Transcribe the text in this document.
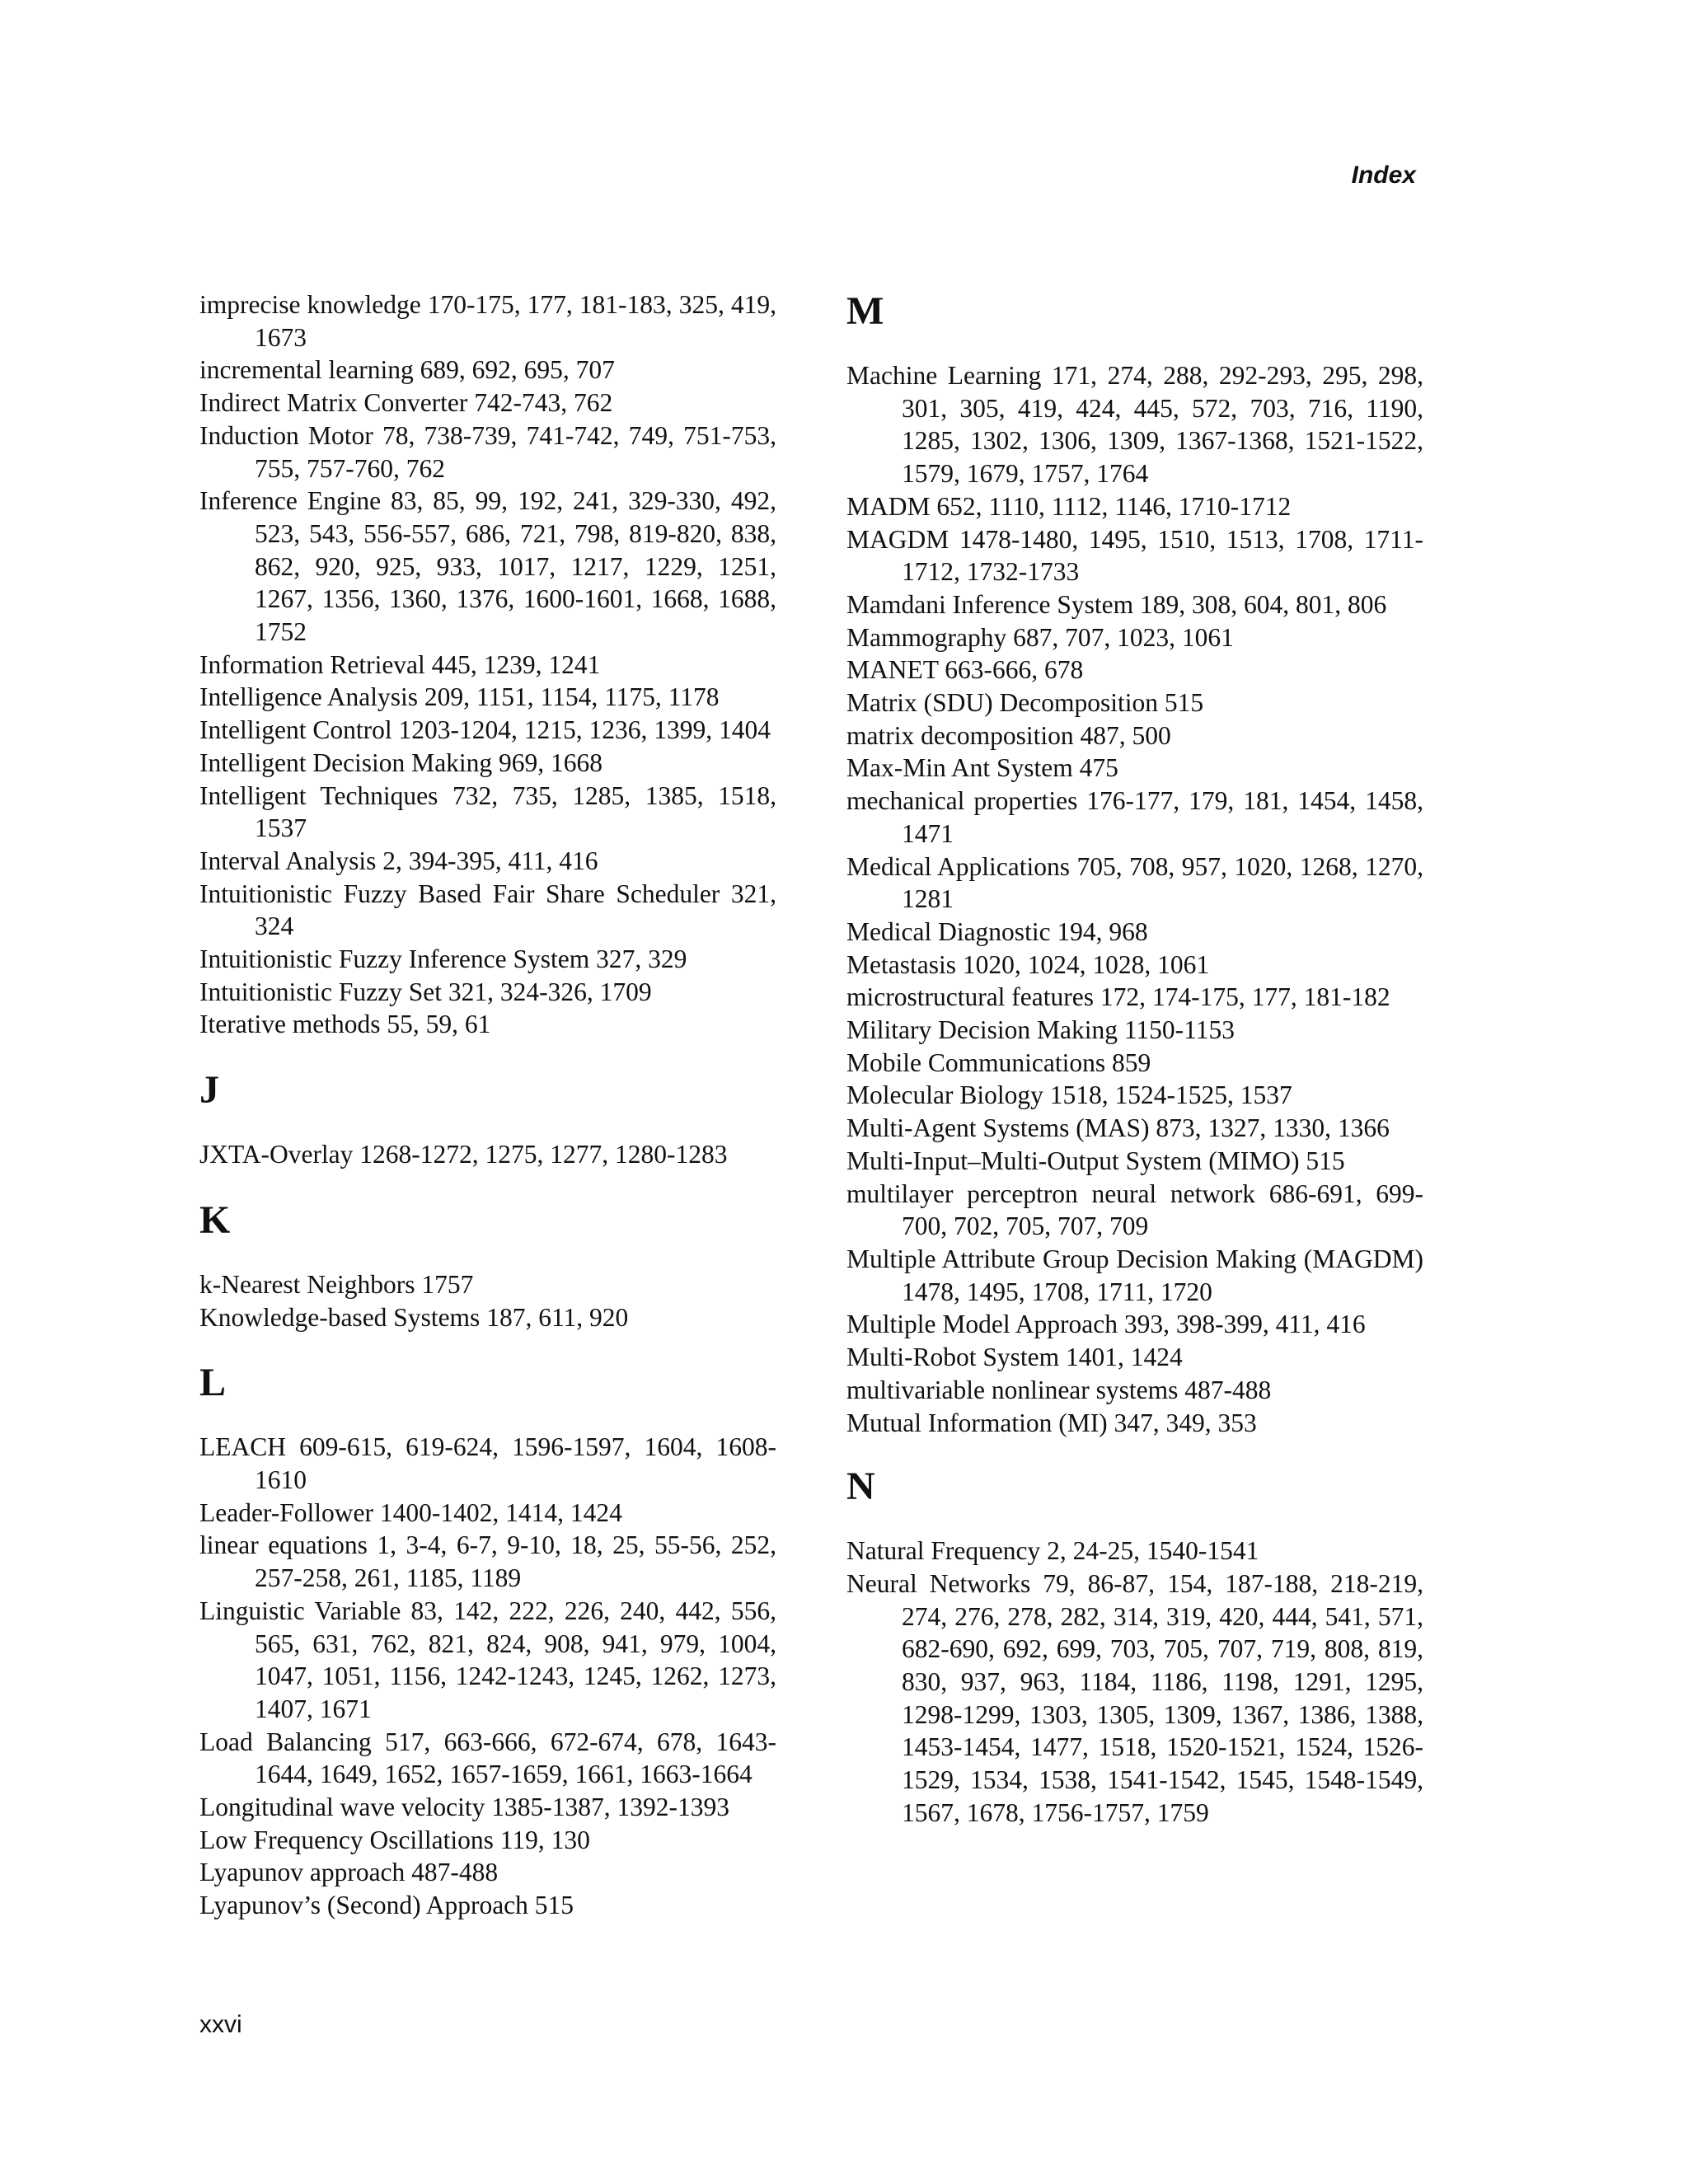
Index
imprecise knowledge 170-175, 177, 181-183, 325, 419, 1673
incremental learning 689, 692, 695, 707
Indirect Matrix Converter 742-743, 762
Induction Motor 78, 738-739, 741-742, 749, 751-753, 755, 757-760, 762
Inference Engine 83, 85, 99, 192, 241, 329-330, 492, 523, 543, 556-557, 686, 721, 798, 819-820, 838, 862, 920, 925, 933, 1017, 1217, 1229, 1251, 1267, 1356, 1360, 1376, 1600-1601, 1668, 1688, 1752
Information Retrieval 445, 1239, 1241
Intelligence Analysis 209, 1151, 1154, 1175, 1178
Intelligent Control 1203-1204, 1215, 1236, 1399, 1404
Intelligent Decision Making 969, 1668
Intelligent Techniques 732, 735, 1285, 1385, 1518, 1537
Interval Analysis 2, 394-395, 411, 416
Intuitionistic Fuzzy Based Fair Share Scheduler 321, 324
Intuitionistic Fuzzy Inference System 327, 329
Intuitionistic Fuzzy Set 321, 324-326, 1709
Iterative methods 55, 59, 61
J
JXTA-Overlay 1268-1272, 1275, 1277, 1280-1283
K
k-Nearest Neighbors 1757
Knowledge-based Systems 187, 611, 920
L
LEACH 609-615, 619-624, 1596-1597, 1604, 1608-1610
Leader-Follower 1400-1402, 1414, 1424
linear equations 1, 3-4, 6-7, 9-10, 18, 25, 55-56, 252, 257-258, 261, 1185, 1189
Linguistic Variable 83, 142, 222, 226, 240, 442, 556, 565, 631, 762, 821, 824, 908, 941, 979, 1004, 1047, 1051, 1156, 1242-1243, 1245, 1262, 1273, 1407, 1671
Load Balancing 517, 663-666, 672-674, 678, 1643-1644, 1649, 1652, 1657-1659, 1661, 1663-1664
Longitudinal wave velocity 1385-1387, 1392-1393
Low Frequency Oscillations 119, 130
Lyapunov approach 487-488
Lyapunov’s (Second) Approach 515
M
Machine Learning 171, 274, 288, 292-293, 295, 298, 301, 305, 419, 424, 445, 572, 703, 716, 1190, 1285, 1302, 1306, 1309, 1367-1368, 1521-1522, 1579, 1679, 1757, 1764
MADM 652, 1110, 1112, 1146, 1710-1712
MAGDM 1478-1480, 1495, 1510, 1513, 1708, 1711-1712, 1732-1733
Mamdani Inference System 189, 308, 604, 801, 806
Mammography 687, 707, 1023, 1061
MANET 663-666, 678
Matrix (SDU) Decomposition 515
matrix decomposition 487, 500
Max-Min Ant System 475
mechanical properties 176-177, 179, 181, 1454, 1458, 1471
Medical Applications 705, 708, 957, 1020, 1268, 1270, 1281
Medical Diagnostic 194, 968
Metastasis 1020, 1024, 1028, 1061
microstructural features 172, 174-175, 177, 181-182
Military Decision Making 1150-1153
Mobile Communications 859
Molecular Biology 1518, 1524-1525, 1537
Multi-Agent Systems (MAS) 873, 1327, 1330, 1366
Multi-Input–Multi-Output System (MIMO) 515
multilayer perceptron neural network 686-691, 699-700, 702, 705, 707, 709
Multiple Attribute Group Decision Making (MAGDM) 1478, 1495, 1708, 1711, 1720
Multiple Model Approach 393, 398-399, 411, 416
Multi-Robot System 1401, 1424
multivariable nonlinear systems 487-488
Mutual Information (MI) 347, 349, 353
N
Natural Frequency 2, 24-25, 1540-1541
Neural Networks 79, 86-87, 154, 187-188, 218-219, 274, 276, 278, 282, 314, 319, 420, 444, 541, 571, 682-690, 692, 699, 703, 705, 707, 719, 808, 819, 830, 937, 963, 1184, 1186, 1198, 1291, 1295, 1298-1299, 1303, 1305, 1309, 1367, 1386, 1388, 1453-1454, 1477, 1518, 1520-1521, 1524, 1526-1529, 1534, 1538, 1541-1542, 1545, 1548-1549, 1567, 1678, 1756-1757, 1759
xxvi
